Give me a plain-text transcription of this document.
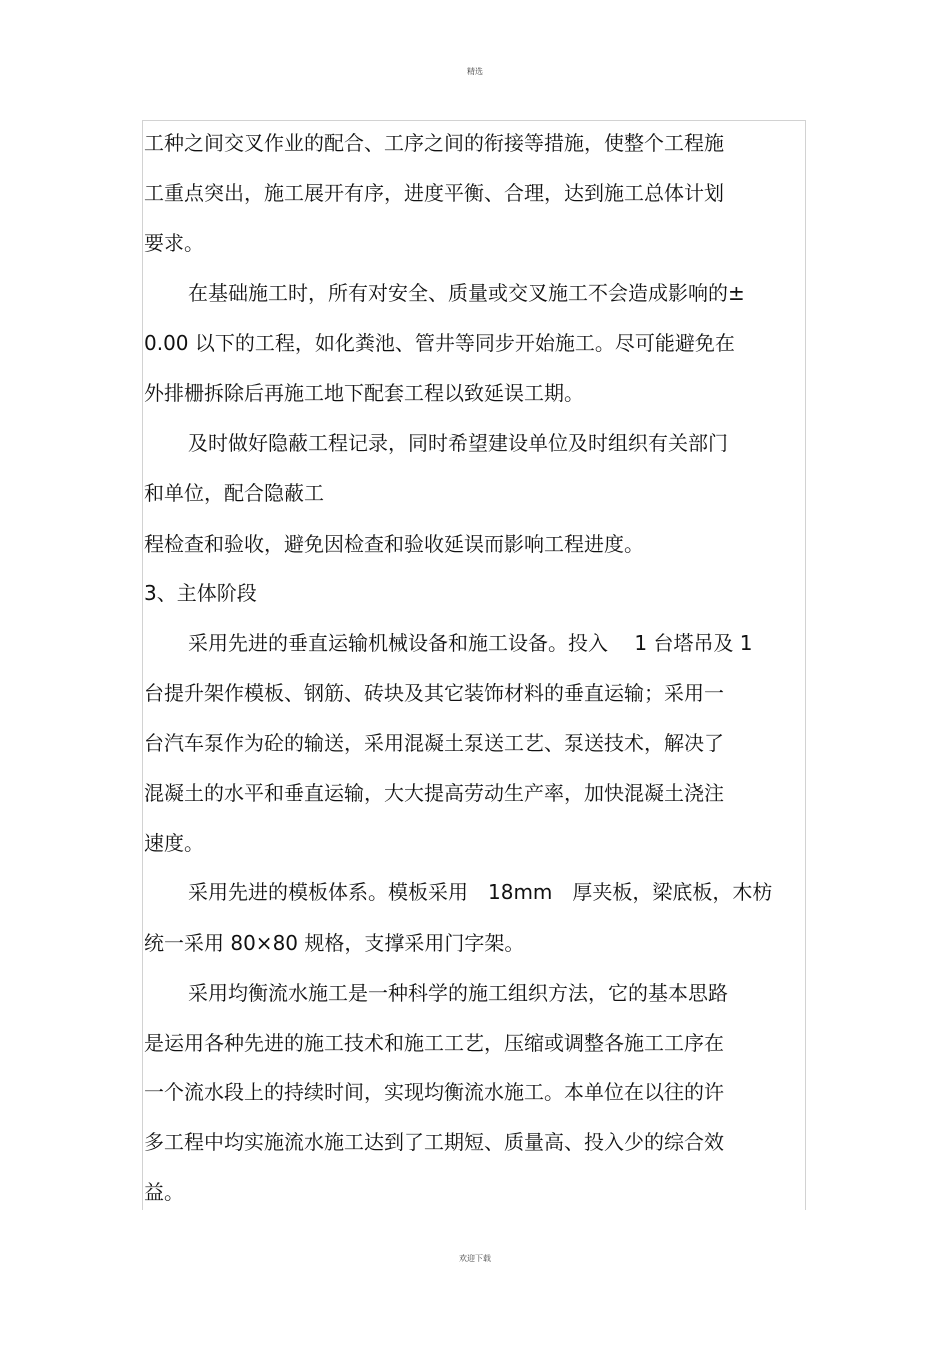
精选
工种之间交叉作业的配合、工序之间的衔接等措施，使整个工程施
工重点突出，施工展开有序，进度平衡、合理，达到施工总体计划
要求。
在基础施工时，所有对安全、质量或交叉施工不会造成影响的±
0.00 以下的工程，如化粪池、管井等同步开始施工。尽可能避免在
外排栅拆除后再施工地下配套工程以致延误工期。
及时做好隐蔽工程记录，同时希望建设单位及时组织有关部门
和单位，配合隐蔽工
程检查和验收，避免因检查和验收延误而影响工程进度。
3、主体阶段
采用先进的垂直运输机械设备和施工设备。投入　 1 台塔吊及 1
台提升架作模板、钢筋、砖块及其它装饰材料的垂直运输；采用一
台汽车泵作为砼的输送，采用混凝土泵送工艺、泵送技术，解决了
混凝土的水平和垂直运输，大大提高劳动生产率，加快混凝土浇注
速度。
采用先进的模板体系。模板采用　18mm　厚夹板，梁底板，木枋
统一采用 80×80 规格，支撑采用门字架。
采用均衡流水施工是一种科学的施工组织方法，它的基本思路
是运用各种先进的施工技术和施工工艺，压缩或调整各施工工序在
一个流水段上的持续时间，实现均衡流水施工。本单位在以往的许
多工程中均实施流水施工达到了工期短、质量高、投入少的综合效
益。
欢迎下载
